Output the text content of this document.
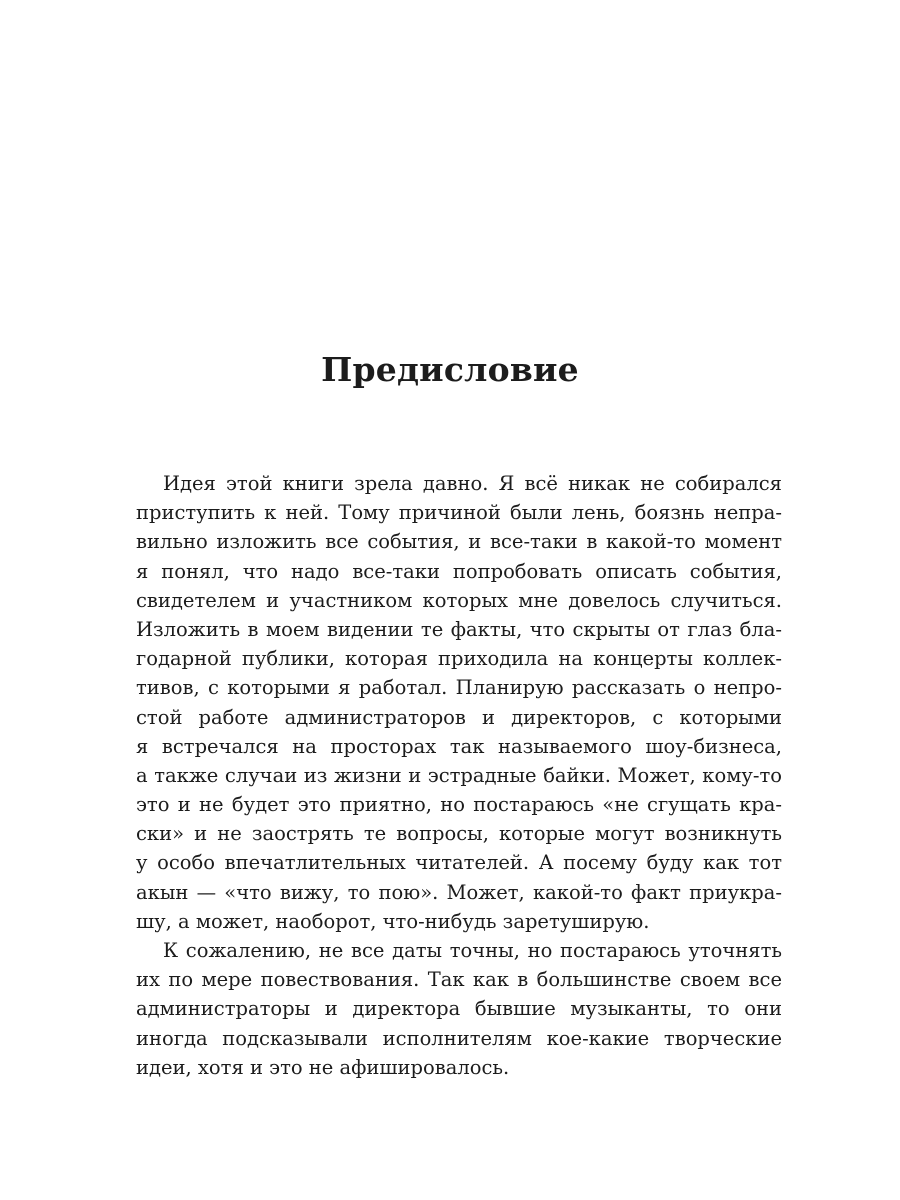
Предисловие
Идея этой книги зрела давно. Я всё никак не собирался
приступить к ней. Тому причиной были лень, боязнь непра-
вильно изложить все события, и все-таки в какой-то момент
я понял, что надо все-таки попробовать описать события,
свидетелем и участником которых мне довелось случиться.
Изложить в моем видении те факты, что скрыты от глаз бла-
годарной публики, которая приходила на концерты коллек-
тивов, с которыми я работал. Планирую рассказать о непро-
стой работе администраторов и директоров, с которыми
я встречался на просторах так называемого шоу-бизнеса,
а также случаи из жизни и эстрадные байки. Может, кому-то
это и не будет это приятно, но постараюсь «не сгущать кра-
ски» и не заострять те вопросы, которые могут возникнуть
у особо впечатлительных читателей. А посему буду как тот
акын — «что вижу, то пою». Может, какой-то факт приукра-
шу, а может, наоборот, что-нибудь заретуширую.
К сожалению, не все даты точны, но постараюсь уточнять
их по мере повествования. Так как в большинстве своем все
администраторы и директора бывшие музыканты, то они
иногда подсказывали исполнителям кое-какие творческие
идеи, хотя и это не афишировалось.
